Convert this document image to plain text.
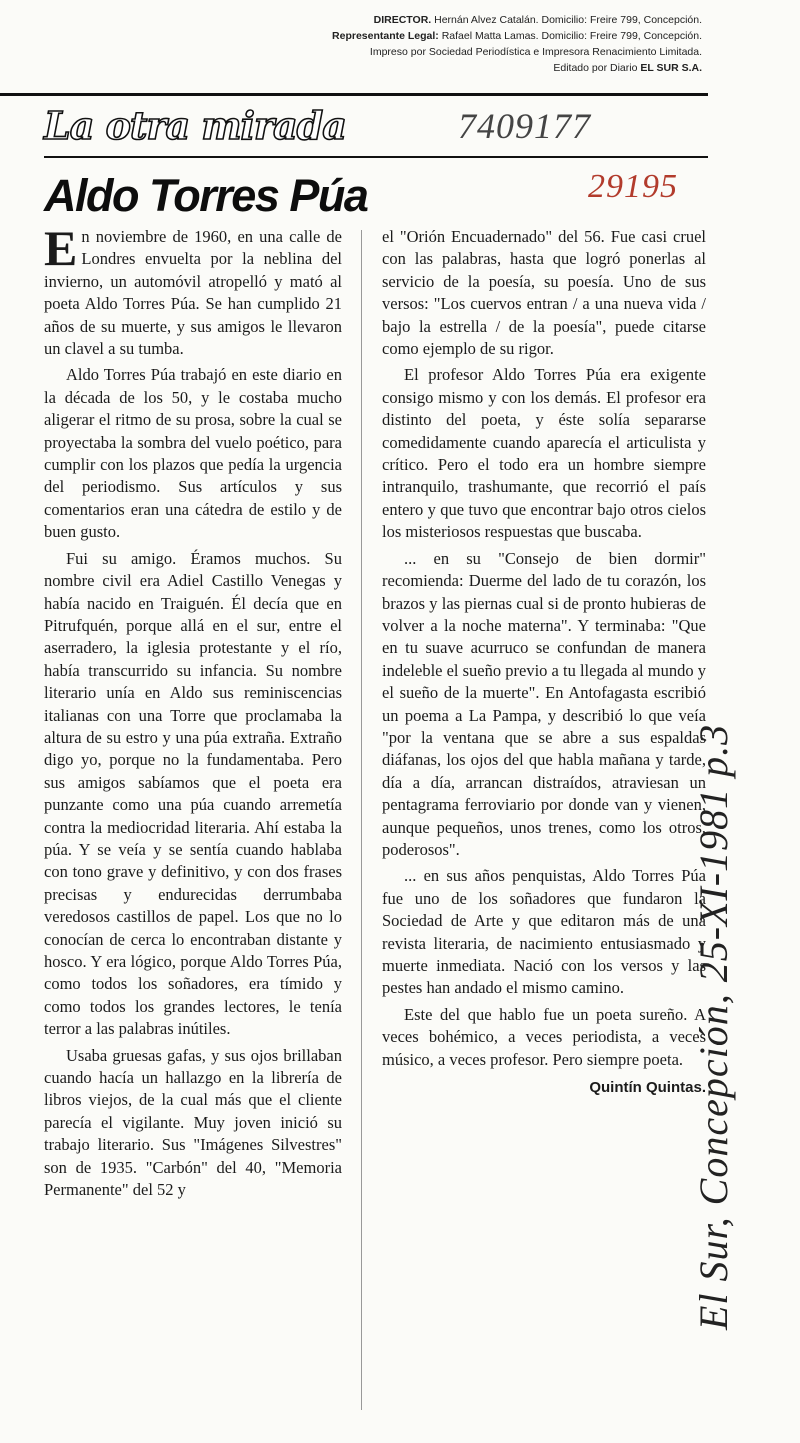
DIRECTOR. Hernán Alvez Catalán. Domicilio: Freire 799, Concepción.
Representante Legal: Rafael Matta Lamas. Domicilio: Freire 799, Concepción.
Impreso por Sociedad Periodística e Impresora Renacimiento Limitada.
Editado por Diario EL SUR S.A.
La otra mirada	7409177
Aldo Torres Púa	29195

En noviembre de 1960, en una calle de Londres envuelta por la neblina del invierno, un automóvil atropelló y mató al poeta Aldo Torres Púa. Se han cumplido 21 años de su muerte, y sus amigos le llevaron un clavel a su tumba.

Aldo Torres Púa trabajó en este diario en la década de los 50, y le costaba mucho aligerar el ritmo de su prosa, sobre la cual se proyectaba la sombra del vuelo poético, para cumplir con los plazos que pedía la urgencia del periodismo. Sus artículos y sus comentarios eran una cátedra de estilo y de buen gusto.

Fui su amigo. Éramos muchos. Su nombre civil era Adiel Castillo Venegas y había nacido en Traiguén. Él decía que en Pitrufquén, porque allá en el sur, entre el aserradero, la iglesia protestante y el río, había transcurrido su infancia. Su nombre literario unía en Aldo sus reminiscencias italianas con una Torre que proclamaba la altura de su estro y una púa extraña. Extraño digo yo, porque no la fundamentaba. Pero sus amigos sabíamos que el poeta era punzante como una púa cuando arremetía contra la mediocridad literaria. Ahí estaba la púa. Y se veía y se sentía cuando hablaba con tono grave y definitivo, y con dos frases precisas y endurecidas derrumbaba veredosos castillos de papel. Los que no lo conocían de cerca lo encontraban distante y hosco. Y era lógico, porque Aldo Torres Púa, como todos los soñadores, era tímido y como todos los grandes lectores, le tenía terror a las palabras inútiles.

Usaba gruesas gafas, y sus ojos brillaban cuando hacía un hallazgo en la librería de libros viejos, de la cual más que el cliente parecía el vigilante. Muy joven inició su trabajo literario. Sus "Imágenes Silvestres" son de 1935. "Carbón" del 40, "Memoria Permanente" del 52 y

el "Orión Encuadernado" del 56. Fue casi cruel con las palabras, hasta que logró ponerlas al servicio de la poesía, su poesía. Uno de sus versos: "Los cuervos entran / a una nueva vida / bajo la estrella / de la poesía", puede citarse como ejemplo de su rigor.

El profesor Aldo Torres Púa era exigente consigo mismo y con los demás. El profesor era distinto del poeta, y éste solía separarse comedidamente cuando aparecía el articulista y crítico. Pero el todo era un hombre siempre intranquilo, trashumante, que recorrió el país entero y que tuvo que encontrar bajo otros cielos los misteriosos respuestas que buscaba.

... en su "Consejo de bien dormir" recomienda: Duerme del lado de tu corazón, los brazos y las piernas cual si de pronto hubieras de volver a la noche materna". Y terminaba: "Que en tu suave acurruco se confundan de manera indeleble el sueño previo a tu llegada al mundo y el sueño de la muerte". En Antofagasta escribió un poema a La Pampa, y describió lo que veía "por la ventana que se abre a sus espaldas diáfanas, los ojos del que habla mañana y tarde, día a día, arrancan distraídos, atraviesan un pentagrama ferroviario por donde van y vienen, aunque pequeños, unos trenes, como los otros, poderosos".

... en sus años penquistas, Aldo Torres Púa fue uno de los soñadores que fundaron la Sociedad de Arte y que editaron más de una revista literaria, de nacimiento entusiasmado y muerte inmediata. Nació con los versos y las pestes han andado el mismo camino.

Este del que hablo fue un poeta sureño. A veces bohémico, a veces periodista, a veces músico, a veces profesor. Pero siempre poeta.

Quintín Quintas.

El Sur, Concepción, 25-XI-1981 p.3
